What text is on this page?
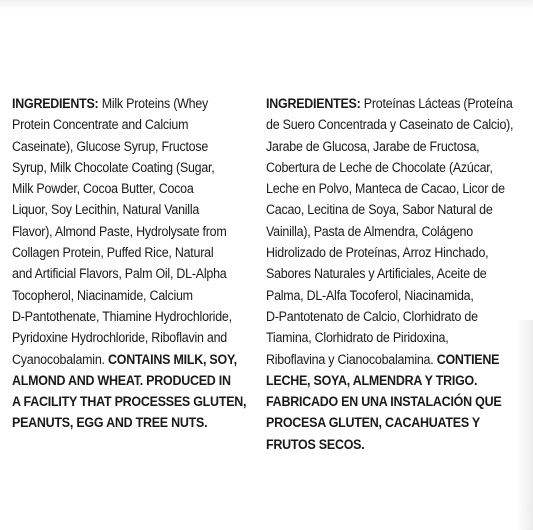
INGREDIENTS: Milk Proteins (Whey
Protein Concentrate and Calcium
Caseinate), Glucose Syrup, Fructose
Syrup, Milk Chocolate Coating (Sugar,
Milk Powder, Cocoa Butter, Cocoa
Liquor, Soy Lecithin, Natural Vanilla
Flavor), Almond Paste, Hydrolysate from
Collagen Protein, Puffed Rice, Natural
and Artificial Flavors, Palm Oil, DL-Alpha
Tocopherol, Niacinamide, Calcium
D-Pantothenate, Thiamine Hydrochloride,
Pyridoxine Hydrochloride, Riboflavin and
Cyanocobalamin. CONTAINS MILK, SOY,
ALMOND AND WHEAT. PRODUCED IN
A FACILITY THAT PROCESSES GLUTEN,
PEANUTS, EGG AND TREE NUTS.
INGREDIENTES: Proteínas Lácteas (Proteína
de Suero Concentrada y Caseinato de Calcio),
Jarabe de Glucosa, Jarabe de Fructosa,
Cobertura de Leche de Chocolate (Azúcar,
Leche en Polvo, Manteca de Cacao, Licor de
Cacao, Lecitina de Soya, Sabor Natural de
Vainilla), Pasta de Almendra, Colágeno
Hidrolizado de Proteínas, Arroz Hinchado,
Sabores Naturales y Artificiales, Aceite de
Palma, DL-Alfa Tocoferol, Niacinamida,
D-Pantotenato de Calcio, Clorhidrato de
Tiamina, Clorhidrato de Piridoxina,
Riboflavina y Cianocobalamina. CONTIENE
LECHE, SOYA, ALMENDRA Y TRIGO.
FABRICADO EN UNA INSTALACIÓN QUE
PROCESA GLUTEN, CACAHUATES Y
FRUTOS SECOS.
